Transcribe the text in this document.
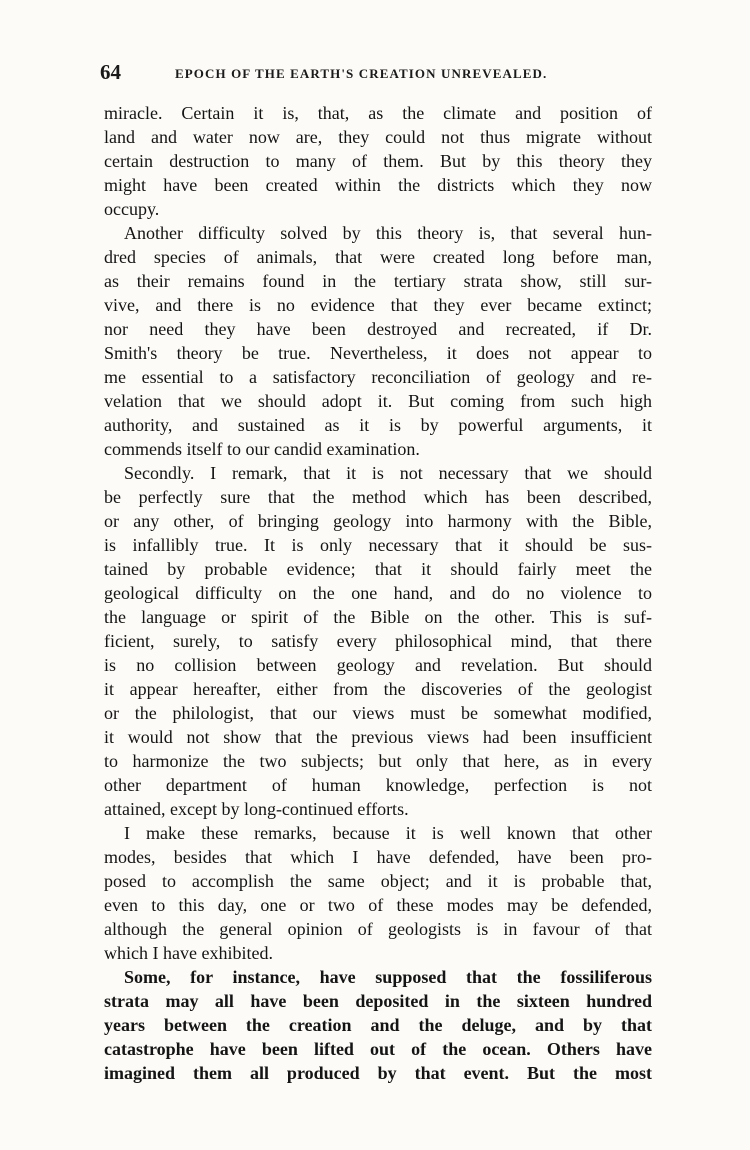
64	EPOCH OF THE EARTH'S CREATION UNREVEALED.
miracle. Certain it is, that, as the climate and position of
land and water now are, they could not thus migrate without
certain destruction to many of them. But by this theory they
might have been created within the districts which they now
occupy.
Another difficulty solved by this theory is, that several hun-
dred species of animals, that were created long before man,
as their remains found in the tertiary strata show, still sur-
vive, and there is no evidence that they ever became extinct;
nor need they have been destroyed and recreated, if Dr.
Smith's theory be true. Nevertheless, it does not appear to
me essential to a satisfactory reconciliation of geology and re-
velation that we should adopt it. But coming from such high
authority, and sustained as it is by powerful arguments, it
commends itself to our candid examination.
Secondly. I remark, that it is not necessary that we should
be perfectly sure that the method which has been described,
or any other, of bringing geology into harmony with the Bible,
is infallibly true. It is only necessary that it should be sus-
tained by probable evidence; that it should fairly meet the
geological difficulty on the one hand, and do no violence to
the language or spirit of the Bible on the other. This is suf-
ficient, surely, to satisfy every philosophical mind, that there
is no collision between geology and revelation. But should
it appear hereafter, either from the discoveries of the geologist
or the philologist, that our views must be somewhat modified,
it would not show that the previous views had been insufficient
to harmonize the two subjects; but only that here, as in every
other department of human knowledge, perfection is not
attained, except by long-continued efforts.
I make these remarks, because it is well known that other
modes, besides that which I have defended, have been pro-
posed to accomplish the same object; and it is probable that,
even to this day, one or two of these modes may be defended,
although the general opinion of geologists is in favour of that
which I have exhibited.
Some, for instance, have supposed that the fossiliferous
strata may all have been deposited in the sixteen hundred
years between the creation and the deluge, and by that
catastrophe have been lifted out of the ocean. Others have
imagined them all produced by that event. But the most
